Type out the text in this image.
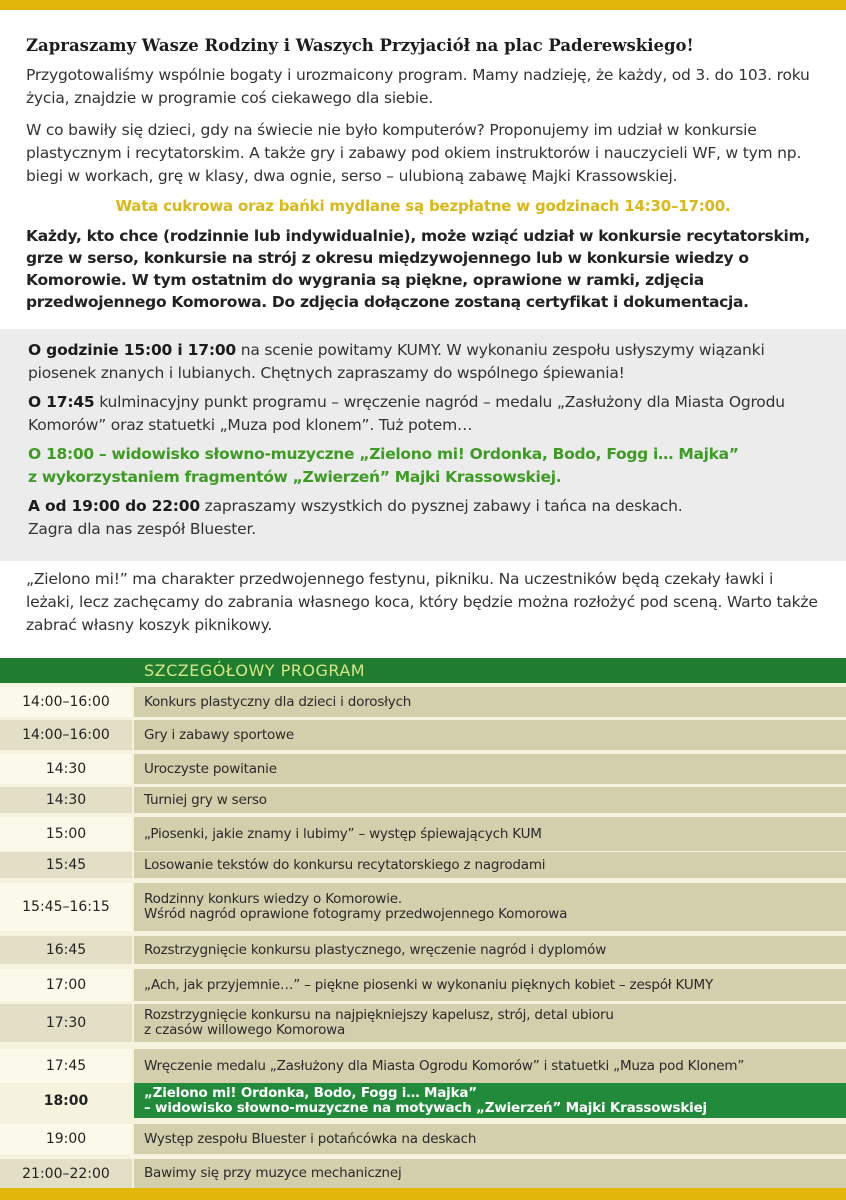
Zapraszamy Wasze Rodziny i Waszych Przyjaciół na plac Paderewskiego!

Przygotowaliśmy wspólnie bogaty i urozmaicony program. Mamy nadzieję, że każdy, od 3. do 103. roku życia, znajdzie w programie coś ciekawego dla siebie.

W co bawiły się dzieci, gdy na świecie nie było komputerów? Proponujemy im udział w konkursie plastycznym i recytatorskim. A także gry i zabawy pod okiem instruktorów i nauczycieli WF, w tym np. biegi w workach, grę w klasy, dwa ognie, serso – ulubioną zabawę Majki Krassowskiej.

Wata cukrowa oraz bańki mydlane są bezpłatne w godzinach 14:30–17:00.

Każdy, kto chce (rodzinnie lub indywidualnie), może wziąć udział w konkursie recytatorskim, grze w serso, konkursie na strój z okresu międzywojennego lub w konkursie wiedzy o Komorowie. W tym ostatnim do wygrania są piękne, oprawione w ramki, zdjęcia przedwojennego Komorowa. Do zdjęcia dołączone zostaną certyfikat i dokumentacja.

O godzinie 15:00 i 17:00 na scenie powitamy KUMY. W wykonaniu zespołu usłyszymy wiązanki piosenek znanych i lubianych. Chętnych zapraszamy do wspólnego śpiewania!

O 17:45 kulminacyjny punkt programu – wręczenie nagród – medalu „Zasłużony dla Miasta Ogrodu Komorów” oraz statuetki „Muza pod klonem”. Tuż potem…

O 18:00 – widowisko słowno-muzyczne „Zielono mi! Ordonka, Bodo, Fogg i… Majka”
z wykorzystaniem fragmentów „Zwierzeń” Majki Krassowskiej.

A od 19:00 do 22:00 zapraszamy wszystkich do pysznej zabawy i tańca na deskach.
Zagra dla nas zespół Bluester.

„Zielono mi!” ma charakter przedwojennego festynu, pikniku. Na uczestników będą czekały ławki i leżaki, lecz zachęcamy do zabrania własnego koca, który będzie można rozłożyć pod sceną. Warto także zabrać własny koszyk piknikowy.

SZCZEGÓŁOWY PROGRAM
14:00–16:00	Konkurs plastyczny dla dzieci i dorosłych
14:00–16:00	Gry i zabawy sportowe
14:30	Uroczyste powitanie
14:30	Turniej gry w serso
15:00	„Piosenki, jakie znamy i lubimy” – występ śpiewających KUM
15:45	Losowanie tekstów do konkursu recytatorskiego z nagrodami
15:45–16:15	Rodzinny konkurs wiedzy o Komorowie.
Wśród nagród oprawione fotogramy przedwojennego Komorowa
16:45	Rozstrzygnięcie konkursu plastycznego, wręczenie nagród i dyplomów
17:00	„Ach, jak przyjemnie…” – piękne piosenki w wykonaniu pięknych kobiet – zespół KUMY
17:30	Rozstrzygnięcie konkursu na najpiękniejszy kapelusz, strój, detal ubioru
z czasów willowego Komorowa
17:45	Wręczenie medalu „Zasłużony dla Miasta Ogrodu Komorów” i statuetki „Muza pod Klonem”
18:00	„Zielono mi! Ordonka, Bodo, Fogg i… Majka”
– widowisko słowno-muzyczne na motywach „Zwierzeń” Majki Krassowskiej
19:00	Występ zespołu Bluester i potańcówka na deskach
21:00–22:00	Bawimy się przy muzyce mechanicznej
